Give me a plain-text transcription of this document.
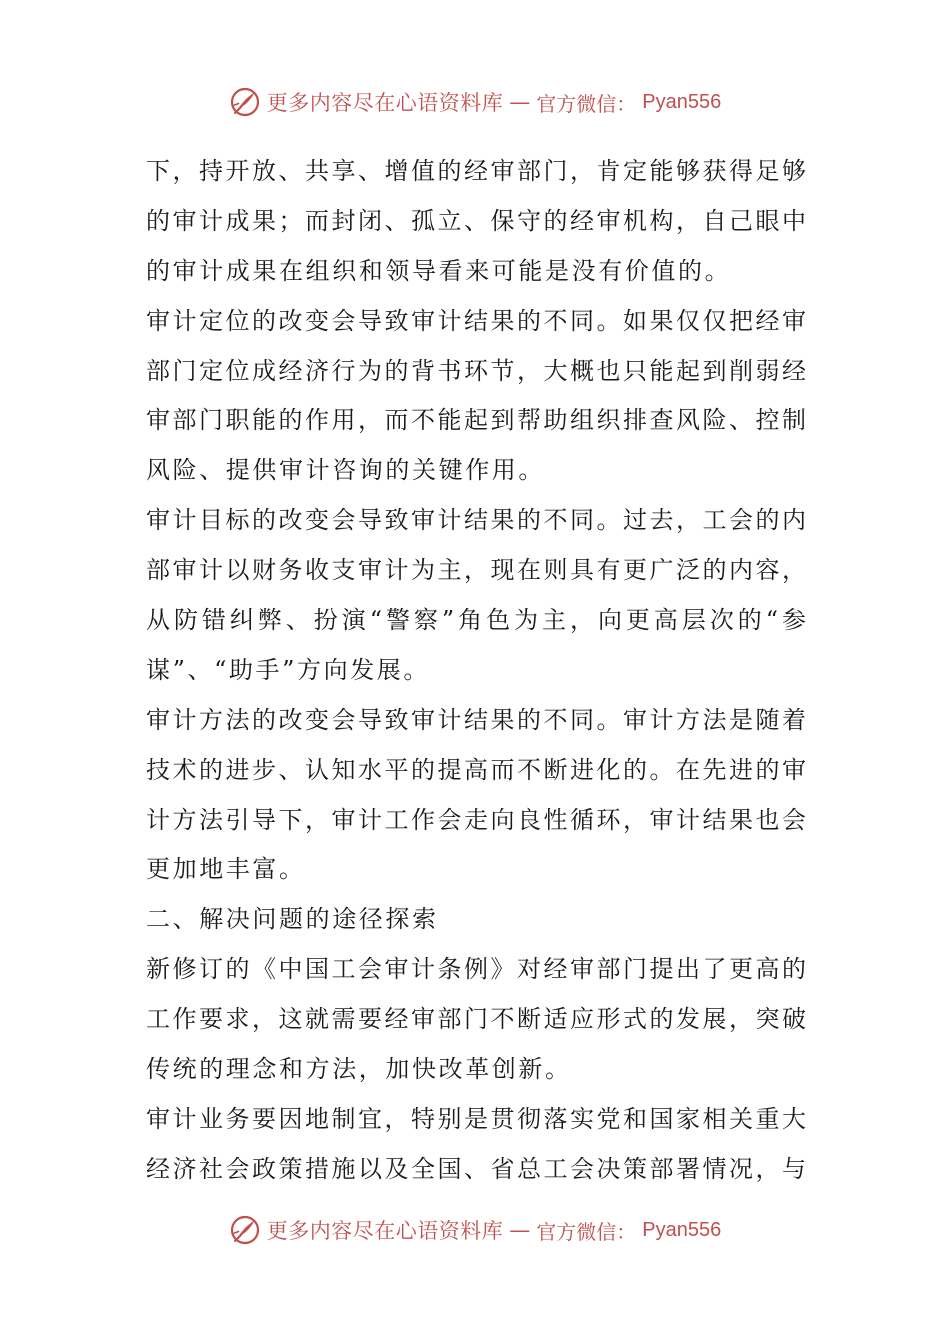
更多内容尽在心语资料库 — 官方微信： Pyan556
下，持开放、共享、增值的经审部门，肯定能够获得足够
的审计成果；而封闭、孤立、保守的经审机构，自己眼中
的审计成果在组织和领导看来可能是没有价值的。
审计定位的改变会导致审计结果的不同。如果仅仅把经审
部门定位成经济行为的背书环节，大概也只能起到削弱经
审部门职能的作用，而不能起到帮助组织排查风险、控制
风险、提供审计咨询的关键作用。
审计目标的改变会导致审计结果的不同。过去，工会的内
部审计以财务收支审计为主，现在则具有更广泛的内容，
从防错纠弊、扮演“警察”角色为主，向更高层次的“参
谋”、“助手”方向发展。
审计方法的改变会导致审计结果的不同。审计方法是随着
技术的进步、认知水平的提高而不断进化的。在先进的审
计方法引导下，审计工作会走向良性循环，审计结果也会
更加地丰富。
二、解决问题的途径探索
新修订的《中国工会审计条例》对经审部门提出了更高的
工作要求，这就需要经审部门不断适应形式的发展，突破
传统的理念和方法，加快改革创新。
审计业务要因地制宜，特别是贯彻落实党和国家相关重大
经济社会政策措施以及全国、省总工会决策部署情况，与
更多内容尽在心语资料库 — 官方微信： Pyan556
